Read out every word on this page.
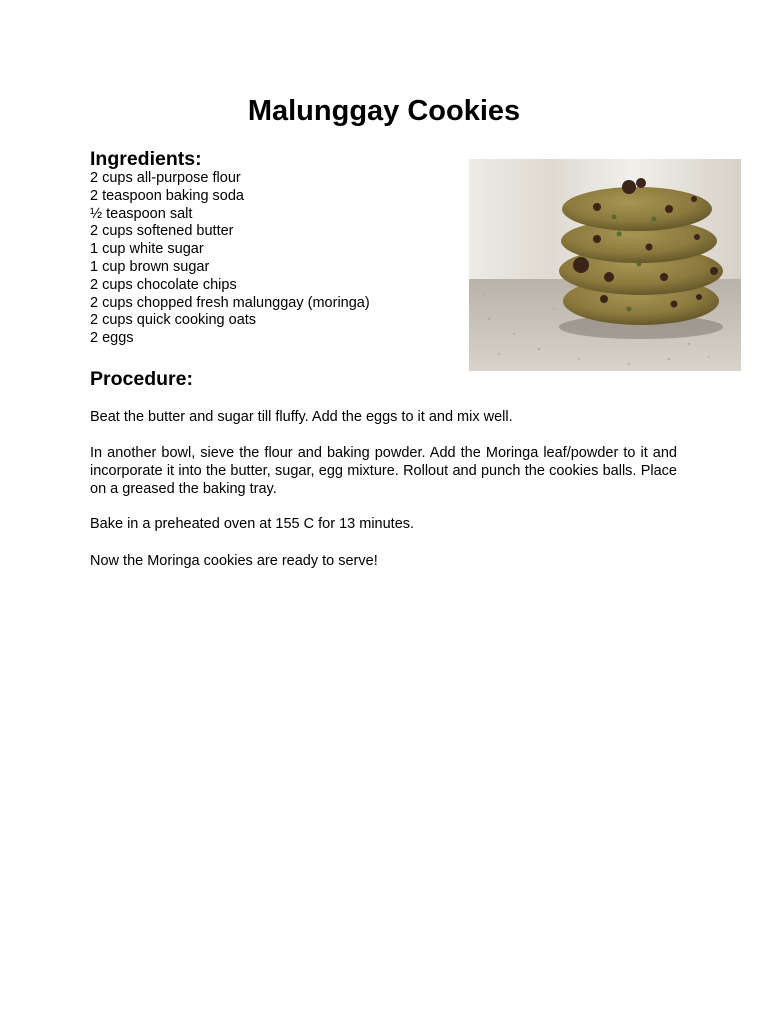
Malunggay Cookies
Ingredients:
2 cups all-purpose flour
2 teaspoon baking soda
½ teaspoon salt
2 cups softened butter
1 cup white sugar
1 cup brown sugar
2 cups chocolate chips
2 cups chopped fresh malunggay (moringa)
2 cups quick cooking oats
2 eggs
Procedure:

Beat the butter and sugar till fluffy. Add the eggs to it and mix well.

In another bowl, sieve the flour and baking powder. Add the Moringa leaf/powder to it and incorporate it into the butter, sugar, egg mixture. Rollout and punch the cookies balls. Place on a greased the baking tray.

Bake in a preheated oven at 155 C for 13 minutes.

Now the Moringa cookies are ready to serve!
